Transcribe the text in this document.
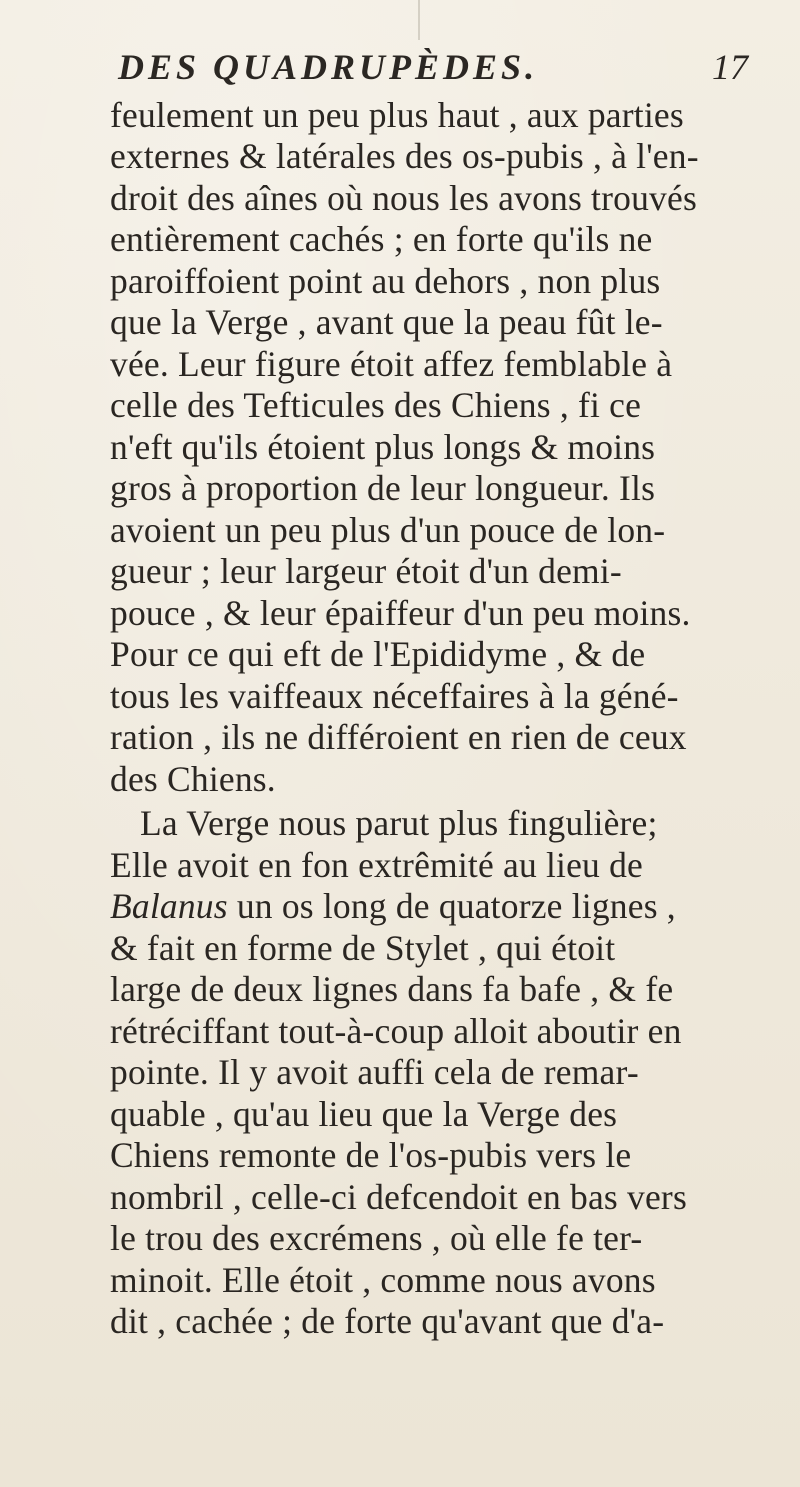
DES QUADRUPÈDES.	17
feulement un peu plus haut , aux parties
externes & latérales des os-pubis , à l'en-
droit des aînes où nous les avons trouvés
entièrement cachés ; en forte qu'ils ne
paroiffoient point au dehors , non plus
que la Verge , avant que la peau fût le-
vée. Leur figure étoit affez femblable à
celle des Tefticules des Chiens , fi ce
n'eft qu'ils étoient plus longs & moins
gros à proportion de leur longueur. Ils
avoient un peu plus d'un pouce de lon-
gueur ; leur largeur étoit d'un demi-
pouce , & leur épaiffeur d'un peu moins.
Pour ce qui eft de l'Epididyme , & de
tous les vaiffeaux néceffaires à la géné-
ration , ils ne différoient en rien de ceux
des Chiens.
La Verge nous parut plus fingulière;
Elle avoit en fon extrêmité au lieu de
Balanus un os long de quatorze lignes ,
& fait en forme de Stylet , qui étoit
large de deux lignes dans fa bafe , & fe
rétréciffant tout-à-coup alloit aboutir en
pointe. Il y avoit auffi cela de remar-
quable , qu'au lieu que la Verge des
Chiens remonte de l'os-pubis vers le
nombril , celle-ci defcendoit en bas vers
le trou des excrémens , où elle fe ter-
minoit. Elle étoit , comme nous avons
dit , cachée ; de forte qu'avant que d'a-
